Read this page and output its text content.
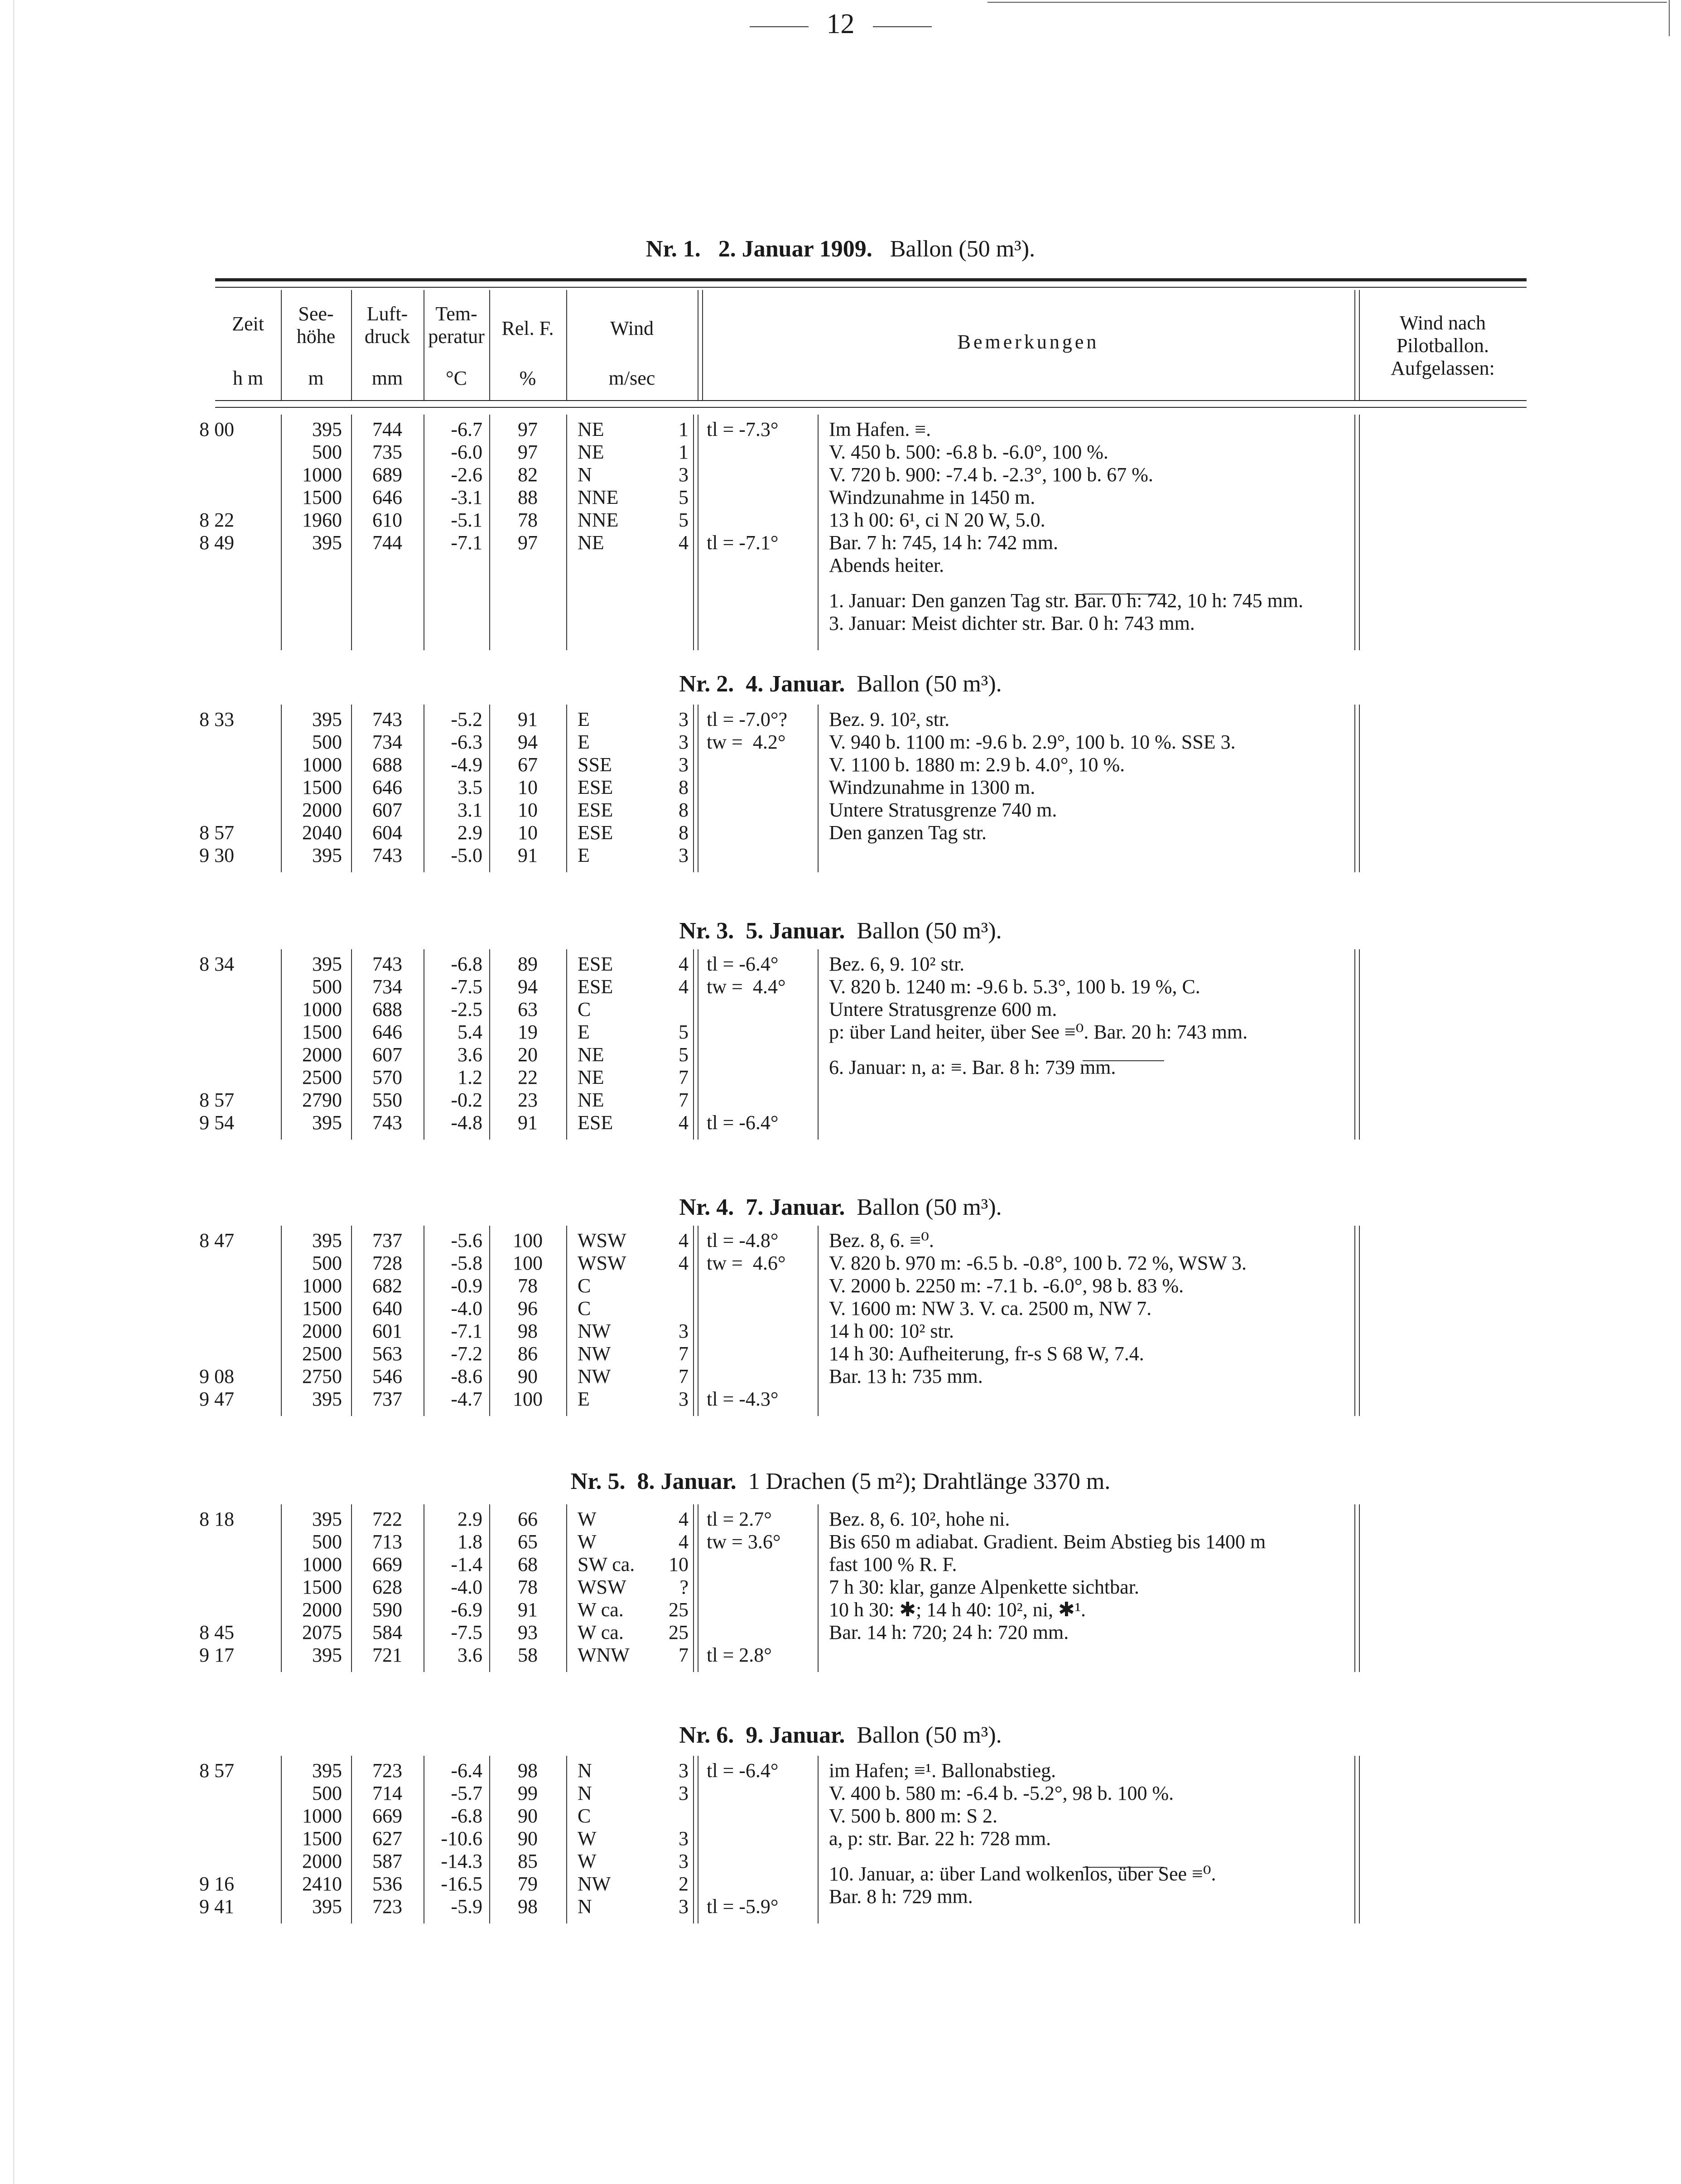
12
Nr. 1. 2. Januar 1909. Ballon (50 m³).
Zeit
h m
See-
höhe
m
Luft-
druck
mm
Tem-
peratur
°C
Rel. F.
%
Wind
m/sec
Bemerkungen
Wind nach
Pilotballon.
Aufgelassen:
8 00

8 22
8 49
395
500
1000
1500
1960
395
744
735
689
646
610
744
-6.7
-6.0
-2.6
-3.1
-5.1
-7.1
97
97
82
88
78
97
NE
NE
N
NNE
NNE
NE
1
1
3
5
5
4
tl = -7.3°

tl = -7.1°
Im Hafen. ≡.
V. 450 b. 500: -6.8 b. -6.0°, 100 %.
V. 720 b. 900: -7.4 b. -2.3°, 100 b. 67 %.
Windzunahme in 1450 m.
13 h 00: 6¹, ci N 20 W, 5.0.
Bar. 7 h: 745, 14 h: 742 mm.
Abends heiter.
1. Januar: Den ganzen Tag str. Bar. 0 h: 742, 10 h: 745 mm.
3. Januar: Meist dichter str. Bar. 0 h: 743 mm.
Nr. 2. 4. Januar. Ballon (50 m³).
8 33

8 57
9 30
395
500
1000
1500
2000
2040
395
743
734
688
646
607
604
743
-5.2
-6.3
-4.9
3.5
3.1
2.9
-5.0
91
94
67
10
10
10
91
E
E
SSE
ESE
ESE
ESE
E
3
3
3
8
8
8
3
tl = -7.0°?
tw =  4.2°
Bez. 9. 10², str.
V. 940 b. 1100 m: -9.6 b. 2.9°, 100 b. 10 %. SSE 3.
V. 1100 b. 1880 m: 2.9 b. 4.0°, 10 %.
Windzunahme in 1300 m.
Untere Stratusgrenze 740 m.
Den ganzen Tag str.
Nr. 3. 5. Januar. Ballon (50 m³).
8 34

8 57
9 54
395
500
1000
1500
2000
2500
2790
395
743
734
688
646
607
570
550
743
-6.8
-7.5
-2.5
5.4
3.6
1.2
-0.2
-4.8
89
94
63
19
20
22
23
91
ESE
ESE
C
E
NE
NE
NE
ESE
4
4

5
5
7
7
4
tl = -6.4°
tw =  4.4°

tl = -6.4°
Bez. 6, 9. 10² str.
V. 820 b. 1240 m: -9.6 b. 5.3°, 100 b. 19 %, C.
Untere Stratusgrenze 600 m.
p: über Land heiter, über See ≡⁰. Bar. 20 h: 743 mm.
6. Januar: n, a: ≡. Bar. 8 h: 739 mm.
Nr. 4. 7. Januar. Ballon (50 m³).
8 47

9 08
9 47
395
500
1000
1500
2000
2500
2750
395
737
728
682
640
601
563
546
737
-5.6
-5.8
-0.9
-4.0
-7.1
-7.2
-8.6
-4.7
100
100
78
96
98
86
90
100
WSW
WSW
C
C
NW
NW
NW
E
4
4

3
7
7
3
tl = -4.8°
tw =  4.6°

tl = -4.3°
Bez. 8, 6. ≡⁰.
V. 820 b. 970 m: -6.5 b. -0.8°, 100 b. 72 %, WSW 3.
V. 2000 b. 2250 m: -7.1 b. -6.0°, 98 b. 83 %.
V. 1600 m: NW 3. V. ca. 2500 m, NW 7.
14 h 00: 10² str.
14 h 30: Aufheiterung, fr-s S 68 W, 7.4.
Bar. 13 h: 735 mm.
Nr. 5. 8. Januar. 1 Drachen (5 m²); Drahtlänge 3370 m.
8 18

8 45
9 17
395
500
1000
1500
2000
2075
395
722
713
669
628
590
584
721
2.9
1.8
-1.4
-4.0
-6.9
-7.5
3.6
66
65
68
78
91
93
58
W
W
SW ca.
WSW
W ca.
W ca.
WNW
4
4
10
?
25
25
7
tl = 2.7°
tw = 3.6°

tl = 2.8°
Bez. 8, 6. 10², hohe ni.
Bis 650 m adiabat. Gradient. Beim Abstieg bis 1400 m
fast 100 % R. F.
7 h 30: klar, ganze Alpenkette sichtbar.
10 h 30: ✱; 14 h 40: 10², ni, ✱¹.
Bar. 14 h: 720; 24 h: 720 mm.
Nr. 6. 9. Januar. Ballon (50 m³).
8 57

9 16
9 41
395
500
1000
1500
2000
2410
395
723
714
669
627
587
536
723
-6.4
-5.7
-6.8
-10.6
-14.3
-16.5
-5.9
98
99
90
90
85
79
98
N
N
C
W
W
NW
N
3
3

3
3
2
3
tl = -6.4°

tl = -5.9°
im Hafen; ≡¹. Ballonabstieg.
V. 400 b. 580 m: -6.4 b. -5.2°, 98 b. 100 %.
V. 500 b. 800 m: S 2.
a, p: str. Bar. 22 h: 728 mm.
10. Januar, a: über Land wolkenlos, über See ≡⁰.
Bar. 8 h: 729 mm.
